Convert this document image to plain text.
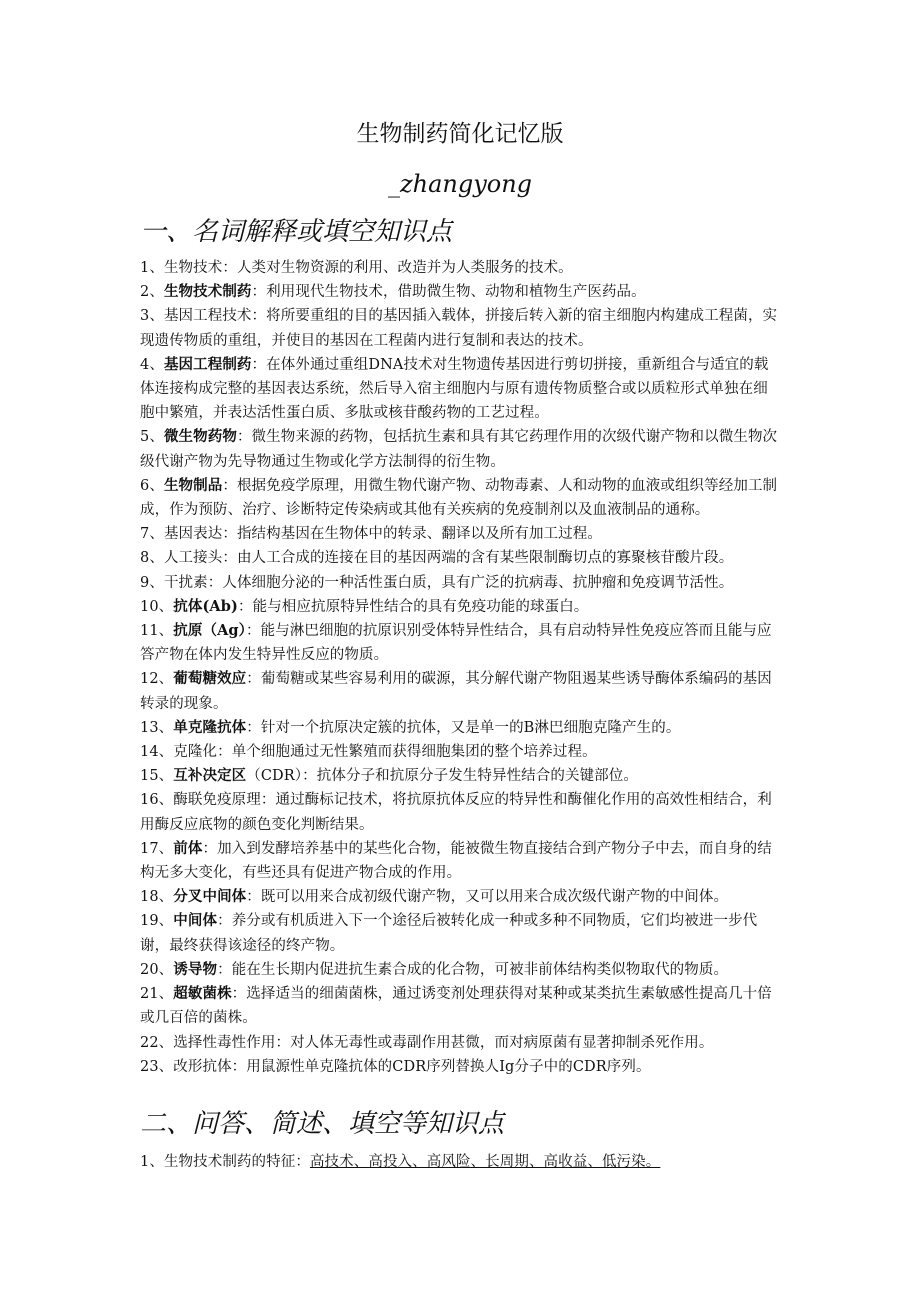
生物制药简化记忆版
_zhangyong
一、名词解释或填空知识点

1、生物技术：人类对生物资源的利用、改造并为人类服务的技术。

2、生物技术制药：利用现代生物技术，借助微生物、动物和植物生产医药品。

3、基因工程技术：将所要重组的目的基因插入载体，拼接后转入新的宿主细胞内构建成工程菌，实现遗传物质的重组，并使目的基因在工程菌内进行复制和表达的技术。

4、基因工程制药：在体外通过重组DNA技术对生物遗传基因进行剪切拼接，重新组合与适宜的载体连接构成完整的基因表达系统，然后导入宿主细胞内与原有遗传物质整合或以质粒形式单独在细胞中繁殖，并表达活性蛋白质、多肽或核苷酸药物的工艺过程。

5、微生物药物：微生物来源的药物，包括抗生素和具有其它药理作用的次级代谢产物和以微生物次级代谢产物为先导物通过生物或化学方法制得的衍生物。

6、生物制品：根据免疫学原理，用微生物代谢产物、动物毒素、人和动物的血液或组织等经加工制成，作为预防、治疗、诊断特定传染病或其他有关疾病的免疫制剂以及血液制品的通称。

7、基因表达：指结构基因在生物体中的转录、翻译以及所有加工过程。

8、人工接头：由人工合成的连接在目的基因两端的含有某些限制酶切点的寡聚核苷酸片段。

9、干扰素：人体细胞分泌的一种活性蛋白质，具有广泛的抗病毒、抗肿瘤和免疫调节活性。

10、抗体(Ab)：能与相应抗原特异性结合的具有免疫功能的球蛋白。

11、抗原（Ag）：能与淋巴细胞的抗原识别受体特异性结合，具有启动特异性免疫应答而且能与应答产物在体内发生特异性反应的物质。

12、葡萄糖效应：葡萄糖或某些容易利用的碳源，其分解代谢产物阻遏某些诱导酶体系编码的基因转录的现象。

13、单克隆抗体：针对一个抗原决定簇的抗体，又是单一的B淋巴细胞克隆产生的。

14、克隆化：单个细胞通过无性繁殖而获得细胞集团的整个培养过程。

15、互补决定区（CDR）：抗体分子和抗原分子发生特异性结合的关键部位。

16、酶联免疫原理：通过酶标记技术，将抗原抗体反应的特异性和酶催化作用的高效性相结合，利用酶反应底物的颜色变化判断结果。

17、前体：加入到发酵培养基中的某些化合物，能被微生物直接结合到产物分子中去，而自身的结构无多大变化，有些还具有促进产物合成的作用。

18、分叉中间体：既可以用来合成初级代谢产物，又可以用来合成次级代谢产物的中间体。

19、中间体：养分或有机质进入下一个途径后被转化成一种或多种不同物质，它们均被进一步代谢，最终获得该途径的终产物。

20、诱导物：能在生长期内促进抗生素合成的化合物，可被非前体结构类似物取代的物质。

21、超敏菌株：选择适当的细菌菌株，通过诱变剂处理获得对某种或某类抗生素敏感性提高几十倍或几百倍的菌株。

22、选择性毒性作用：对人体无毒性或毒副作用甚微，而对病原菌有显著抑制杀死作用。

23、改形抗体：用鼠源性单克隆抗体的CDR序列替换人Ig分子中的CDR序列。

二、问答、简述、填空等知识点

1、生物技术制药的特征：高技术、高投入、高风险、长周期、高收益、低污染。
